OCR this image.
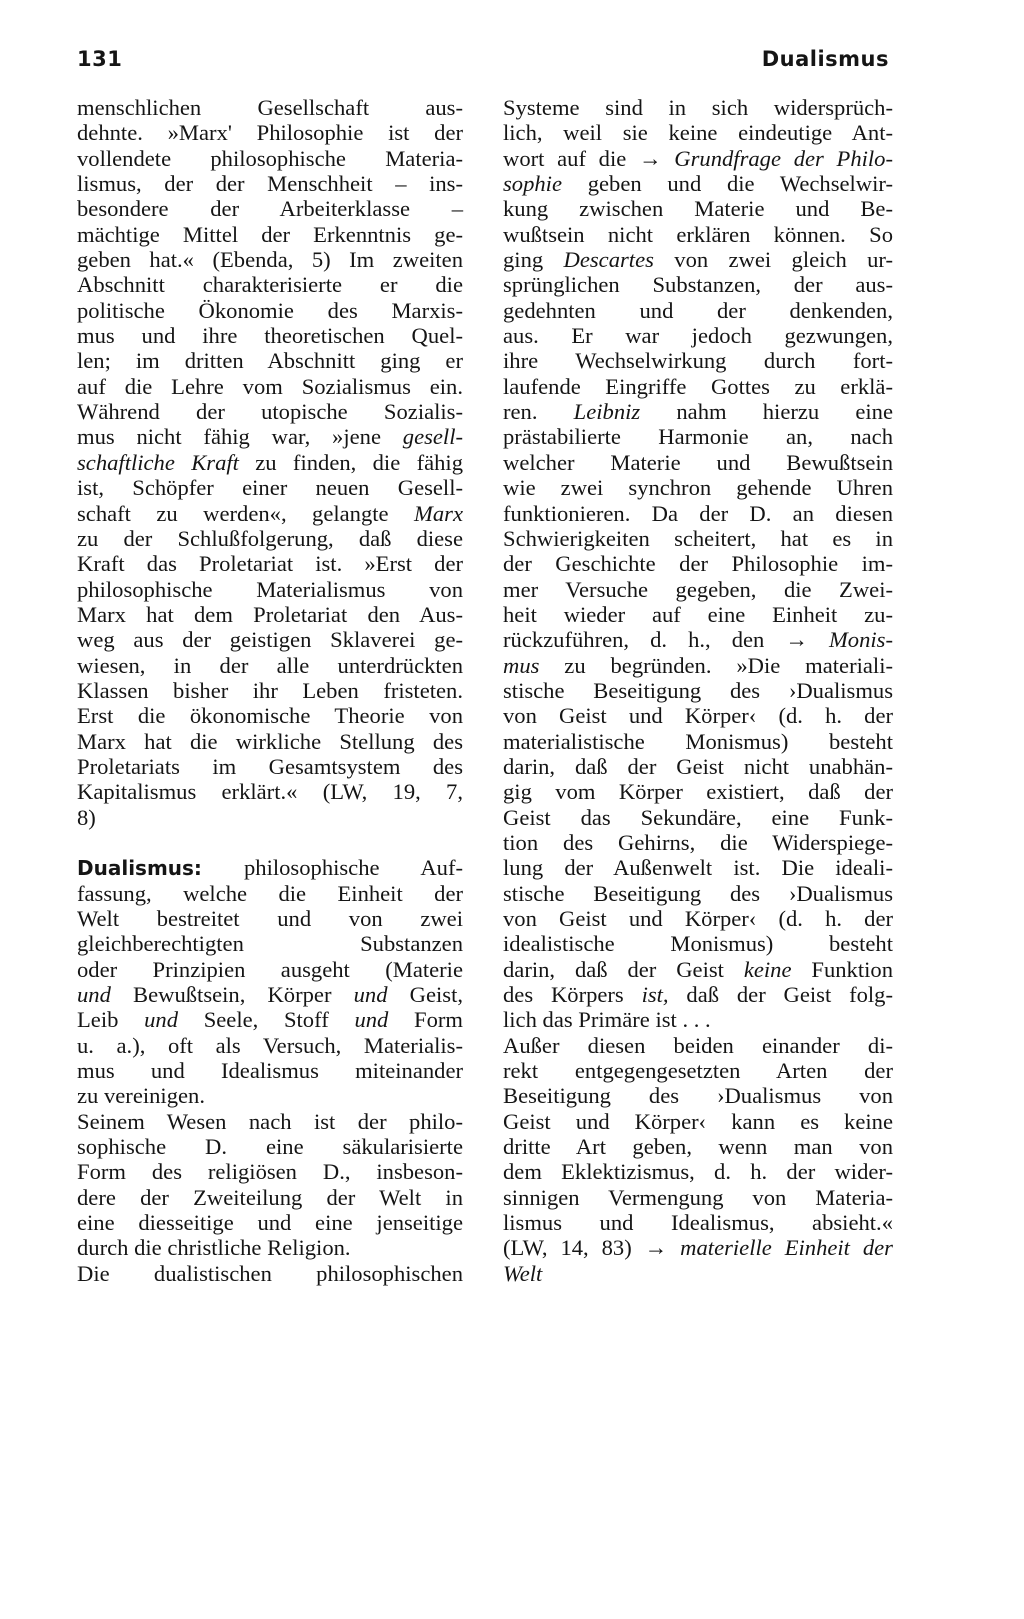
131	Dualismus
menschlichen Gesellschaft aus-
dehnte. »Marx' Philosophie ist der
vollendete philosophische Materia-
lismus, der der Menschheit – ins-
besondere der Arbeiterklasse –
mächtige Mittel der Erkenntnis ge-
geben hat.« (Ebenda, 5) Im zweiten
Abschnitt charakterisierte er die
politische Ökonomie des Marxis-
mus und ihre theoretischen Quel-
len; im dritten Abschnitt ging er
auf die Lehre vom Sozialismus ein.
Während der utopische Sozialis-
mus nicht fähig war, »jene gesell-
schaftliche Kraft zu finden, die fähig
ist, Schöpfer einer neuen Gesell-
schaft zu werden«, gelangte Marx
zu der Schlußfolgerung, daß diese
Kraft das Proletariat ist. »Erst der
philosophische Materialismus von
Marx hat dem Proletariat den Aus-
weg aus der geistigen Sklaverei ge-
wiesen, in der alle unterdrückten
Klassen bisher ihr Leben fristeten.
Erst die ökonomische Theorie von
Marx hat die wirkliche Stellung des
Proletariats im Gesamtsystem des
Kapitalismus erklärt.« (LW, 19, 7,
8)
Dualismus: philosophische Auf-
fassung, welche die Einheit der
Welt bestreitet und von zwei
gleichberechtigten Substanzen
oder Prinzipien ausgeht (Materie
und Bewußtsein, Körper und Geist,
Leib und Seele, Stoff und Form
u. a.), oft als Versuch, Materialis-
mus und Idealismus miteinander
zu vereinigen.
Seinem Wesen nach ist der philo-
sophische D. eine säkularisierte
Form des religiösen D., insbeson-
dere der Zweiteilung der Welt in
eine diesseitige und eine jenseitige
durch die christliche Religion.
Die dualistischen philosophischen
Systeme sind in sich widersprüch-
lich, weil sie keine eindeutige Ant-
wort auf die → Grundfrage der Philo-
sophie geben und die Wechselwir-
kung zwischen Materie und Be-
wußtsein nicht erklären können. So
ging Descartes von zwei gleich ur-
sprünglichen Substanzen, der aus-
gedehnten und der denkenden,
aus. Er war jedoch gezwungen,
ihre Wechselwirkung durch fort-
laufende Eingriffe Gottes zu erklä-
ren. Leibniz nahm hierzu eine
prästabilierte Harmonie an, nach
welcher Materie und Bewußtsein
wie zwei synchron gehende Uhren
funktionieren. Da der D. an diesen
Schwierigkeiten scheitert, hat es in
der Geschichte der Philosophie im-
mer Versuche gegeben, die Zwei-
heit wieder auf eine Einheit zu-
rückzuführen, d. h., den → Monis-
mus zu begründen. »Die materiali-
stische Beseitigung des ›Dualismus
von Geist und Körper‹ (d. h. der
materialistische Monismus) besteht
darin, daß der Geist nicht unabhän-
gig vom Körper existiert, daß der
Geist das Sekundäre, eine Funk-
tion des Gehirns, die Widerspiege-
lung der Außenwelt ist. Die ideali-
stische Beseitigung des ›Dualismus
von Geist und Körper‹ (d. h. der
idealistische Monismus) besteht
darin, daß der Geist keine Funktion
des Körpers ist, daß der Geist folg-
lich das Primäre ist . . .
Außer diesen beiden einander di-
rekt entgegengesetzten Arten der
Beseitigung des ›Dualismus von
Geist und Körper‹ kann es keine
dritte Art geben, wenn man von
dem Eklektizismus, d. h. der wider-
sinnigen Vermengung von Materia-
lismus und Idealismus, absieht.«
(LW, 14, 83) → materielle Einheit der
Welt
